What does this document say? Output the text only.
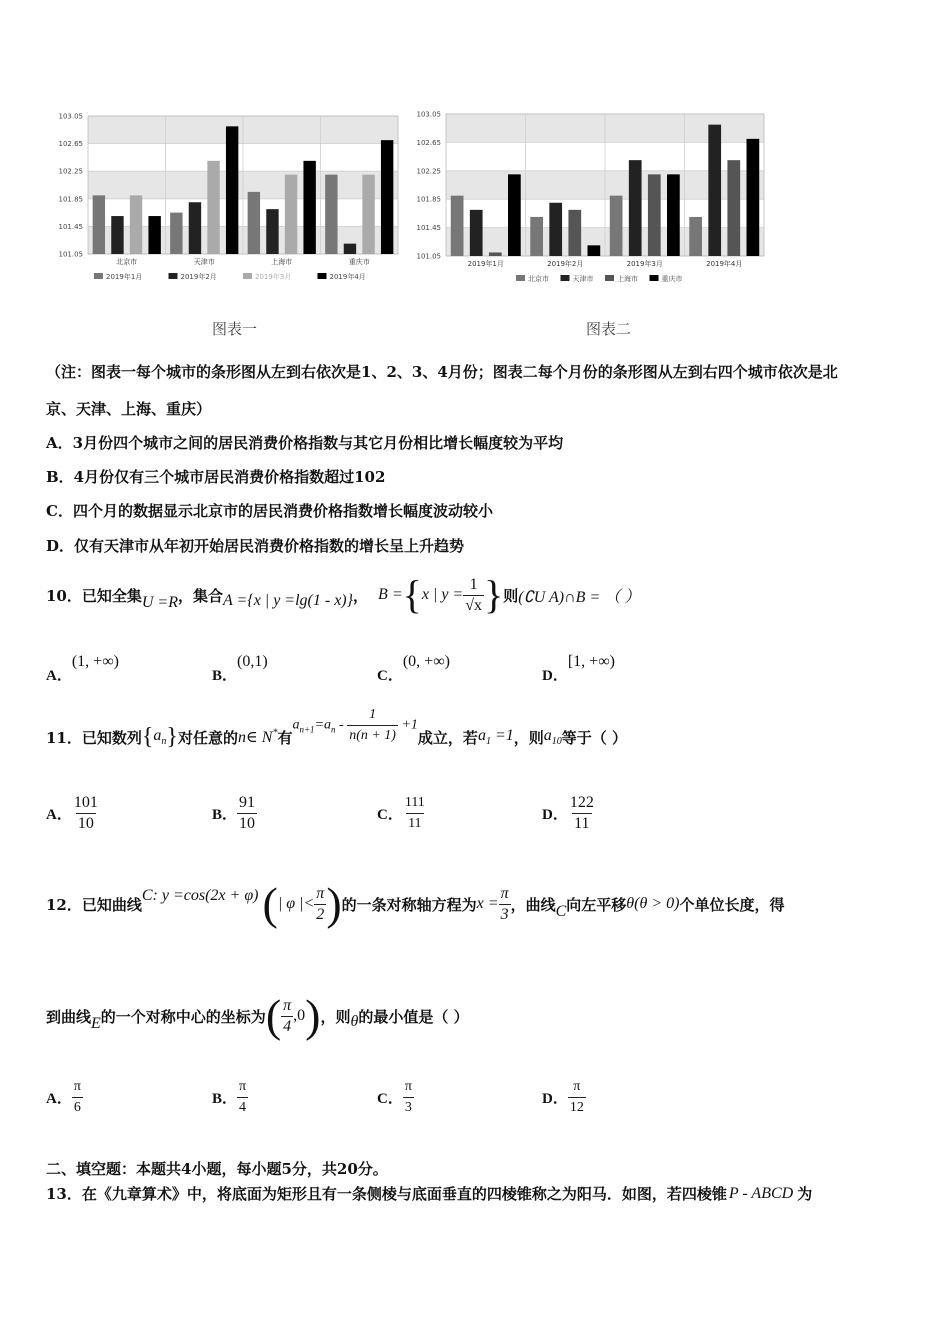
103.05
102.65
102.25
101.85
101.45
101.05
北京市	天津市	上海市	重庆市
2019年1月	2019年2月	2019年3月	2019年4月
图表一
103.05
102.65
102.25
101.85
101.45
101.05
2019年1月	2019年2月	2019年3月	2019年4月
北京市	天津市	上海市	重庆市
图表二
（注：图表一每个城市的条形图从左到右依次是1、2、3、4月份；图表二每个月份的条形图从左到右四个城市依次是北
京、天津、上海、重庆）
A．3月份四个城市之间的居民消费价格指数与其它月份相比增长幅度较为平均
B．4月份仅有三个城市居民消费价格指数超过102
C．四个月的数据显示北京市的居民消费价格指数增长幅度波动较小
D．仅有天津市从年初开始居民消费价格指数的增长呈上升趋势
10．已知全集 U =R ，集合 A ={x | y =lg(1 - x)} ， B = { x | $y = \frac{1}{√x}$ } 则 (∁U A)∩B = （ ）
A．(1, +∞)
B．(0,1)
C．(0, +∞)
D．[1, +∞)
11．已知数列 { $a_n$ } 对任意的 n∈ N* 有
$a_{n+1}=a_n - \frac{1}{n(n + 1)} +1$
成立，若 $a_1 =1$ ，则 $a_{10}$ 等于（ ）
A． $\frac{101}{10}$	B． $\frac{91}{10}$	C． $\frac{111}{11}$	D． $\frac{122}{11}$
12．已知曲线 C: y =cos(2x + φ) ( | φ |< $\frac{\pi}{2}$ ) 的一条对称轴方程为 $x = \frac{\pi}{3}$ ，曲线 C 向左平移 θ(θ > 0) 个单位长度，得
到曲线 E 的一个对称中心的坐标为 ( $\frac{\pi}{4} ,0$ ) ，则 θ 的最小值是（ ）
A． $\frac{\pi}{6}$	B． $\frac{\pi}{4}$	C． $\frac{\pi}{3}$	D． $\frac{\pi}{12}$
二、填空题：本题共4小题，每小题5分，共20分。
13．在《九章算术》中，将底面为矩形且有一条侧棱与底面垂直的四棱锥称之为阳马．如图，若四棱锥 P - ABCD 为
